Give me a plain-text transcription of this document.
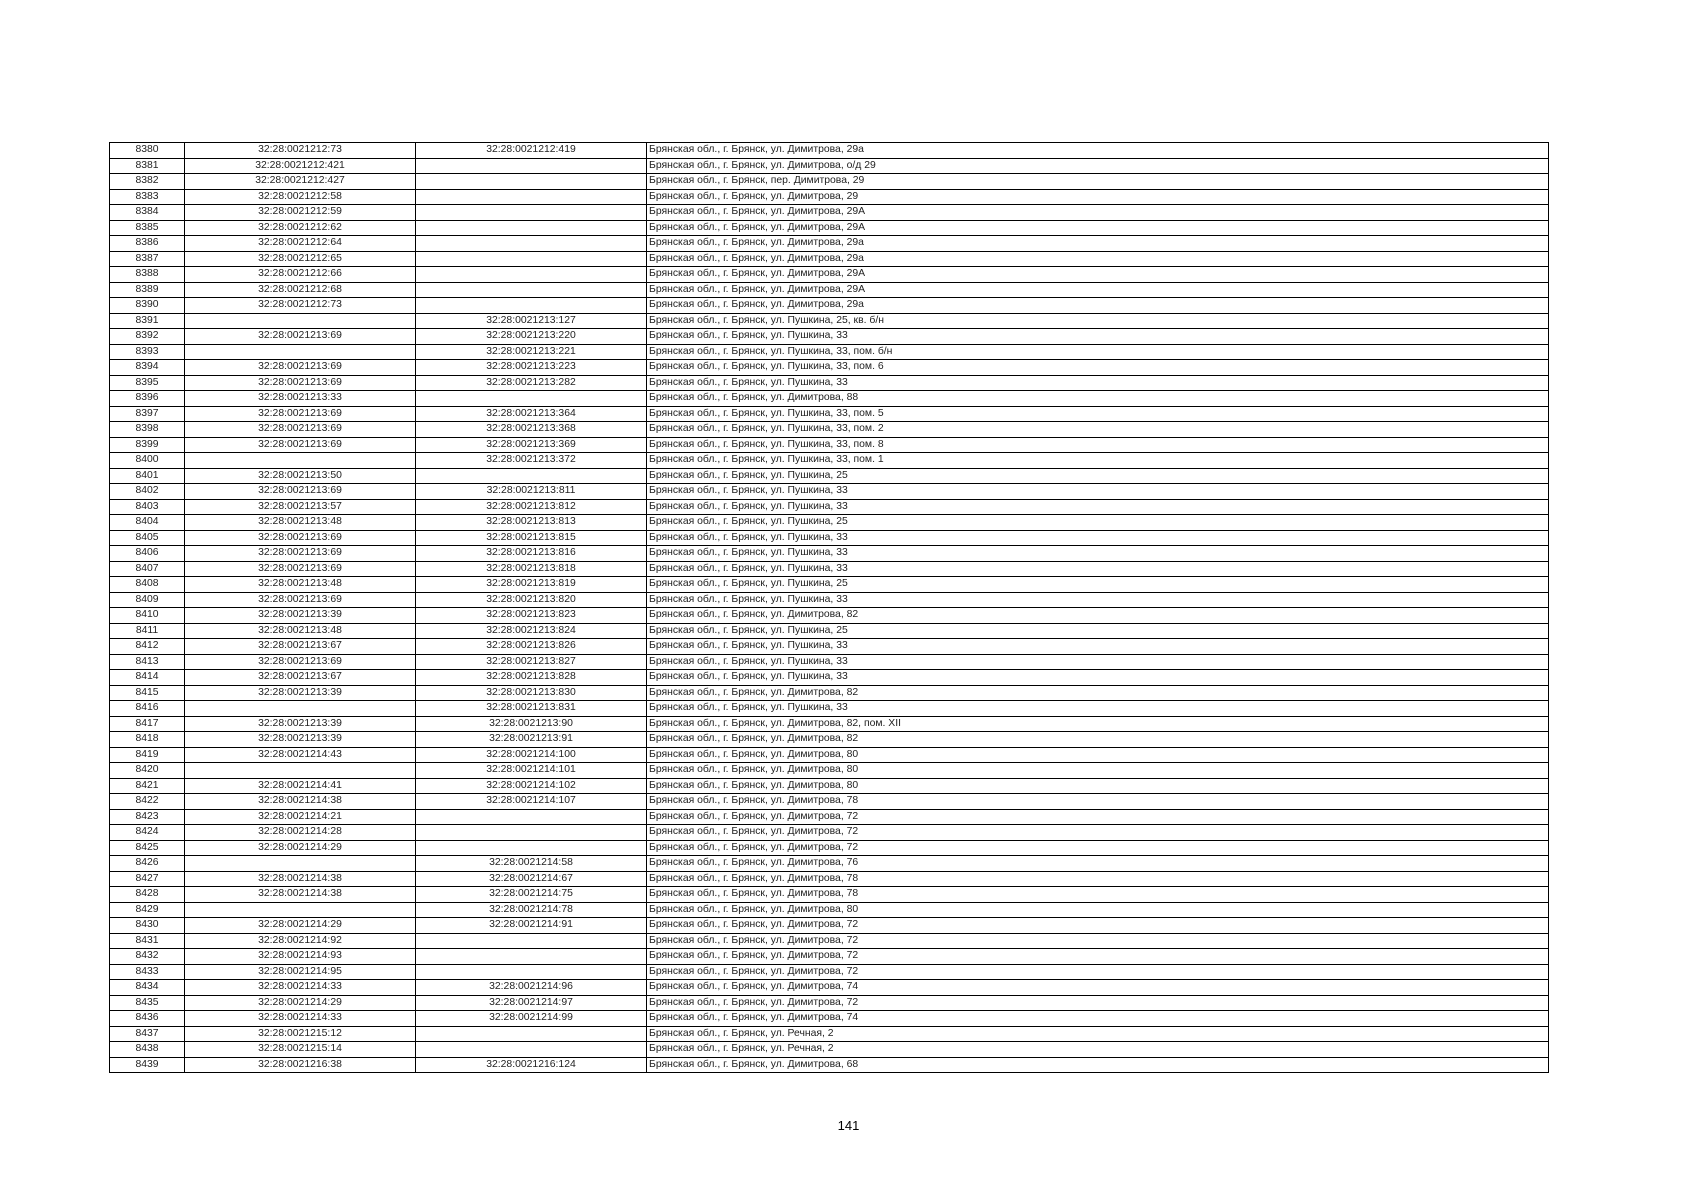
8380	32:28:0021212:73	32:28:0021212:419	Брянская обл., г. Брянск, ул. Димитрова, 29а
8381	32:28:0021212:421		Брянская обл., г. Брянск, ул. Димитрова, о/д 29
8382	32:28:0021212:427		Брянская обл., г. Брянск, пер. Димитрова, 29
8383	32:28:0021212:58		Брянская обл., г. Брянск, ул. Димитрова, 29
8384	32:28:0021212:59		Брянская обл., г. Брянск, ул. Димитрова, 29А
8385	32:28:0021212:62		Брянская обл., г. Брянск, ул. Димитрова, 29А
8386	32:28:0021212:64		Брянская обл., г. Брянск, ул. Димитрова, 29а
8387	32:28:0021212:65		Брянская обл., г. Брянск, ул. Димитрова, 29а
8388	32:28:0021212:66		Брянская обл., г. Брянск, ул. Димитрова, 29А
8389	32:28:0021212:68		Брянская обл., г. Брянск, ул. Димитрова, 29А
8390	32:28:0021212:73		Брянская обл., г. Брянск, ул. Димитрова, 29а
8391		32:28:0021213:127	Брянская обл., г. Брянск, ул. Пушкина, 25, кв. б/н
8392	32:28:0021213:69	32:28:0021213:220	Брянская обл., г. Брянск, ул. Пушкина, 33
8393		32:28:0021213:221	Брянская обл., г. Брянск, ул. Пушкина, 33, пом. б/н
8394	32:28:0021213:69	32:28:0021213:223	Брянская обл., г. Брянск, ул. Пушкина, 33, пом. 6
8395	32:28:0021213:69	32:28:0021213:282	Брянская обл., г. Брянск, ул. Пушкина, 33
8396	32:28:0021213:33		Брянская обл., г. Брянск, ул. Димитрова, 88
8397	32:28:0021213:69	32:28:0021213:364	Брянская обл., г. Брянск, ул. Пушкина, 33, пом. 5
8398	32:28:0021213:69	32:28:0021213:368	Брянская обл., г. Брянск, ул. Пушкина, 33, пом. 2
8399	32:28:0021213:69	32:28:0021213:369	Брянская обл., г. Брянск, ул. Пушкина, 33, пом. 8
8400		32:28:0021213:372	Брянская обл., г. Брянск, ул. Пушкина, 33, пом. 1
8401	32:28:0021213:50		Брянская обл., г. Брянск, ул. Пушкина, 25
8402	32:28:0021213:69	32:28:0021213:811	Брянская обл., г. Брянск, ул. Пушкина, 33
8403	32:28:0021213:57	32:28:0021213:812	Брянская обл., г. Брянск, ул. Пушкина, 33
8404	32:28:0021213:48	32:28:0021213:813	Брянская обл., г. Брянск, ул. Пушкина, 25
8405	32:28:0021213:69	32:28:0021213:815	Брянская обл., г. Брянск, ул. Пушкина, 33
8406	32:28:0021213:69	32:28:0021213:816	Брянская обл., г. Брянск, ул. Пушкина, 33
8407	32:28:0021213:69	32:28:0021213:818	Брянская обл., г. Брянск, ул. Пушкина, 33
8408	32:28:0021213:48	32:28:0021213:819	Брянская обл., г. Брянск, ул. Пушкина, 25
8409	32:28:0021213:69	32:28:0021213:820	Брянская обл., г. Брянск, ул. Пушкина, 33
8410	32:28:0021213:39	32:28:0021213:823	Брянская обл., г. Брянск, ул. Димитрова, 82
8411	32:28:0021213:48	32:28:0021213:824	Брянская обл., г. Брянск, ул. Пушкина, 25
8412	32:28:0021213:67	32:28:0021213:826	Брянская обл., г. Брянск, ул. Пушкина, 33
8413	32:28:0021213:69	32:28:0021213:827	Брянская обл., г. Брянск, ул. Пушкина, 33
8414	32:28:0021213:67	32:28:0021213:828	Брянская обл., г. Брянск, ул. Пушкина, 33
8415	32:28:0021213:39	32:28:0021213:830	Брянская обл., г. Брянск, ул. Димитрова, 82
8416		32:28:0021213:831	Брянская обл., г. Брянск, ул. Пушкина, 33
8417	32:28:0021213:39	32:28:0021213:90	Брянская обл., г. Брянск, ул. Димитрова, 82, пом. XII
8418	32:28:0021213:39	32:28:0021213:91	Брянская обл., г. Брянск, ул. Димитрова, 82
8419	32:28:0021214:43	32:28:0021214:100	Брянская обл., г. Брянск, ул. Димитрова, 80
8420		32:28:0021214:101	Брянская обл., г. Брянск, ул. Димитрова, 80
8421	32:28:0021214:41	32:28:0021214:102	Брянская обл., г. Брянск, ул. Димитрова, 80
8422	32:28:0021214:38	32:28:0021214:107	Брянская обл., г. Брянск, ул. Димитрова, 78
8423	32:28:0021214:21		Брянская обл., г. Брянск, ул. Димитрова, 72
8424	32:28:0021214:28		Брянская обл., г. Брянск, ул. Димитрова, 72
8425	32:28:0021214:29		Брянская обл., г. Брянск, ул. Димитрова, 72
8426		32:28:0021214:58	Брянская обл., г. Брянск, ул. Димитрова, 76
8427	32:28:0021214:38	32:28:0021214:67	Брянская обл., г. Брянск, ул. Димитрова, 78
8428	32:28:0021214:38	32:28:0021214:75	Брянская обл., г. Брянск, ул. Димитрова, 78
8429		32:28:0021214:78	Брянская обл., г. Брянск, ул. Димитрова, 80
8430	32:28:0021214:29	32:28:0021214:91	Брянская обл., г. Брянск, ул. Димитрова, 72
8431	32:28:0021214:92		Брянская обл., г. Брянск, ул. Димитрова, 72
8432	32:28:0021214:93		Брянская обл., г. Брянск, ул. Димитрова, 72
8433	32:28:0021214:95		Брянская обл., г. Брянск, ул. Димитрова, 72
8434	32:28:0021214:33	32:28:0021214:96	Брянская обл., г. Брянск, ул. Димитрова, 74
8435	32:28:0021214:29	32:28:0021214:97	Брянская обл., г. Брянск, ул. Димитрова, 72
8436	32:28:0021214:33	32:28:0021214:99	Брянская обл., г. Брянск, ул. Димитрова, 74
8437	32:28:0021215:12		Брянская обл., г. Брянск, ул. Речная, 2
8438	32:28:0021215:14		Брянская обл., г. Брянск, ул. Речная, 2
8439	32:28:0021216:38	32:28:0021216:124	Брянская обл., г. Брянск, ул. Димитрова, 68
141
